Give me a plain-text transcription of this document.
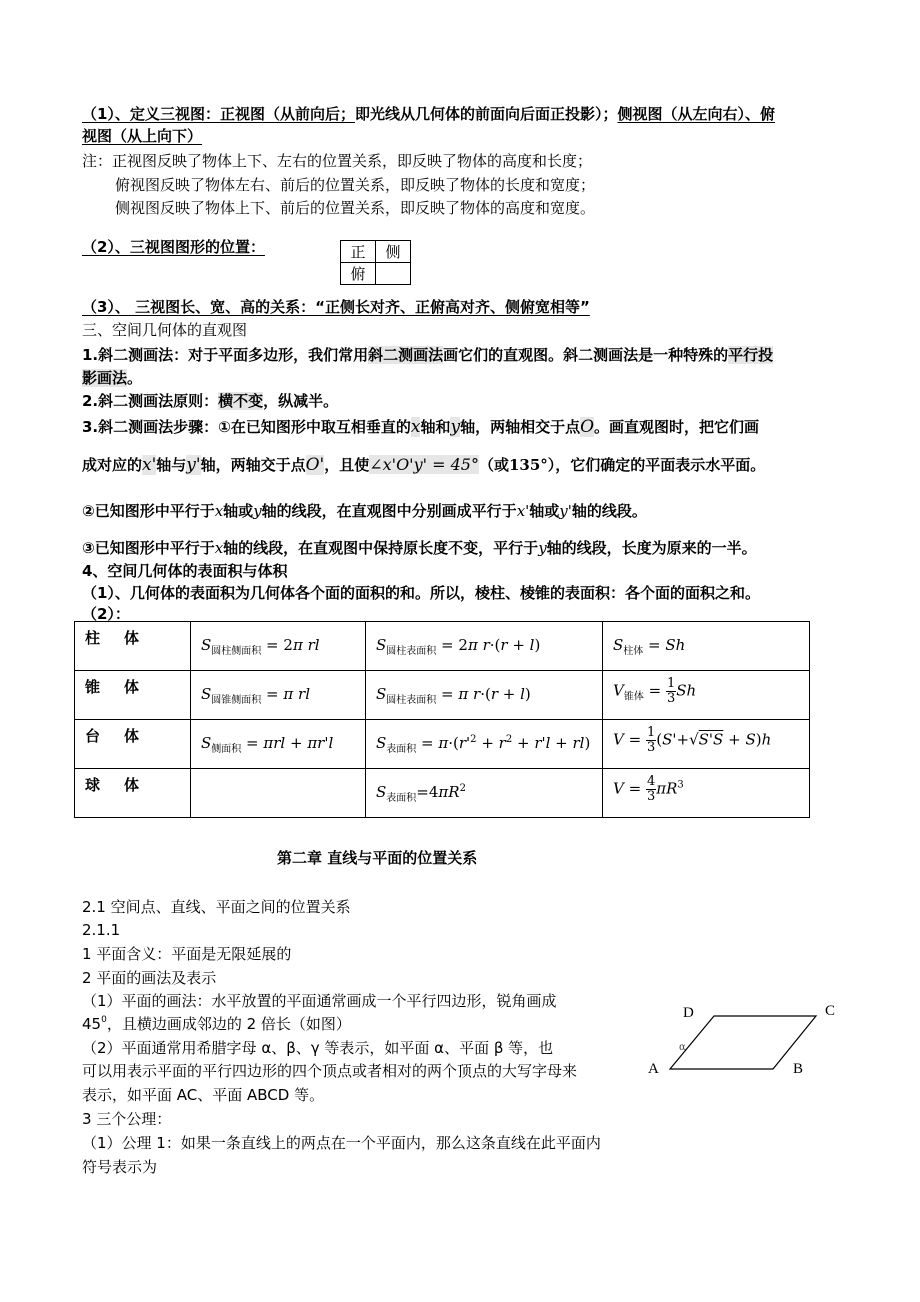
（1）、定义三视图：正视图（从前向后；即光线从几何体的前面向后面正投影）；侧视图（从左向右）、俯
视图（从上向下）
注：正视图反映了物体上下、左右的位置关系，即反映了物体的高度和长度；
俯视图反映了物体左右、前后的位置关系，即反映了物体的长度和宽度；
侧视图反映了物体上下、前后的位置关系，即反映了物体的高度和宽度。
（2）、三视图图形的位置：	正	侧
俯	
（3）、 三视图长、宽、高的关系：“正侧长对齐、正俯高对齐、侧俯宽相等”
三、空间几何体的直观图
1.斜二测画法：对于平面多边形，我们常用斜二测画法画它们的直观图。斜二测画法是一种特殊的平行投
影画法。
2.斜二测画法原则：横不变，纵减半。
3.斜二测画法步骤：①在已知图形中取互相垂直的x轴和y轴，两轴相交于点O。画直观图时，把它们画
成对应的x'轴与y'轴，两轴交于点O'，且使∠x'O'y' = 45°（或135°），它们确定的平面表示水平面。
②已知图形中平行于x轴或y轴的线段，在直观图中分别画成平行于x'轴或y'轴的线段。
③已知图形中平行于x轴的线段，在直观图中保持原长度不变，平行于y轴的线段，长度为原来的一半。
4、空间几何体的表面积与体积
（1）、几何体的表面积为几何体各个面的面积的和。所以，棱柱、棱锥的表面积：各个面的面积之和。
（2）：
柱体	$S_{圆柱侧面积} = 2\pi$ rl	$S_{圆柱表面积} = 2\pi$ r·(r + l)	$S_{柱体} = Sh$

锥体	$S_{圆锥侧面积} = \pi$ rl	$S_{圆柱表面积} = \pi$ r·(r + l)	$V_{锥体} = \frac{1}{3}$ Sh

台体	$S_{侧面积} = \pi rl + \pi r'l$	$S_{表面积} = \pi\cdot(r'^2 + r^2 + r'l + rl)$	$V = \frac{1}{3} (S'+√S'S + S)h$

球体		$S_{表面积}=4\pi R^2$	$V = \frac{4}{3} \pi R^3$
第二章 直线与平面的位置关系
2.1 空间点、直线、平面之间的位置关系
2.1.1
1 平面含义：平面是无限延展的
2 平面的画法及表示
（1）平面的画法：水平放置的平面通常画成一个平行四边形，锐角画成
$45^0$，且横边画成邻边的 2 倍长（如图）
（2）平面通常用希腊字母 α、β、γ 等表示，如平面 α、平面 β 等，也
可以用表示平面的平行四边形的四个顶点或者相对的两个顶点的大写字母来
表示，如平面 AC、平面 ABCD 等。
3 三个公理：
（1）公理 1：如果一条直线上的两点在一个平面内，那么这条直线在此平面内
符号表示为
D	C
A	B
α
